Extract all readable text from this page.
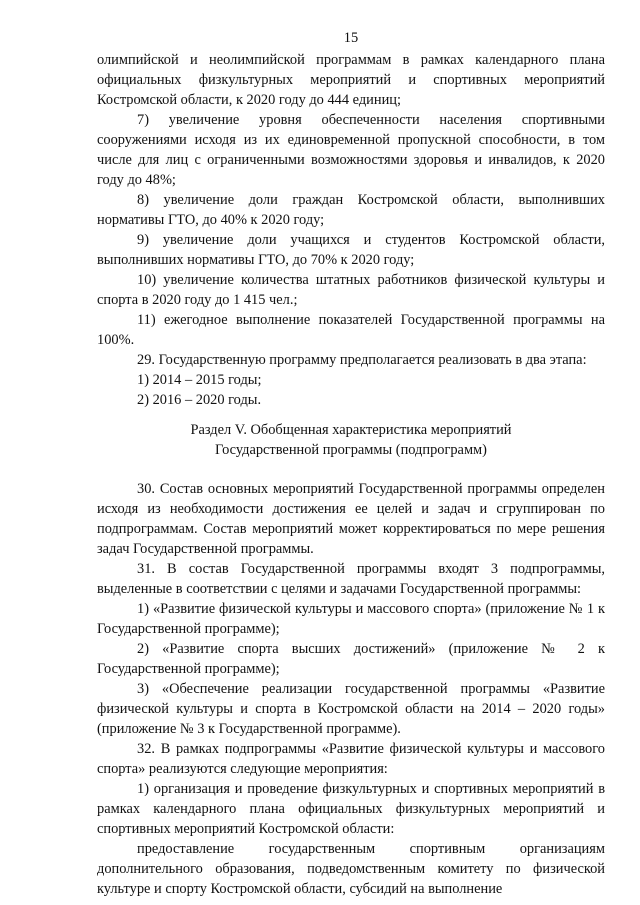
15

олимпийской и неолимпийской программам в рамках календарного плана официальных физкультурных мероприятий и спортивных мероприятий Костромской области, к 2020 году до 444 единиц;

7) увеличение уровня обеспеченности населения спортивными сооружениями исходя из их единовременной пропускной способности, в том числе для лиц с ограниченными возможностями здоровья и инвалидов, к 2020 году до 48%;

8) увеличение доли граждан Костромской области, выполнивших нормативы ГТО, до 40% к 2020 году;

9) увеличение доли учащихся и студентов Костромской области, выполнивших нормативы ГТО, до 70% к 2020 году;

10) увеличение количества штатных работников физической культуры и спорта в 2020 году до 1 415 чел.;

11) ежегодное выполнение показателей Государственной программы на 100%.

29. Государственную программу предполагается реализовать в два этапа:

1) 2014 – 2015 годы;

2) 2016 – 2020 годы.

Раздел V. Обобщенная характеристика мероприятий
Государственной программы (подпрограмм)

30. Состав основных мероприятий Государственной программы определен исходя из необходимости достижения ее целей и задач и сгруппирован по подпрограммам. Состав мероприятий может корректироваться по мере решения задач Государственной программы.

31. В состав Государственной программы входят 3 подпрограммы, выделенные в соответствии с целями и задачами Государственной программы:

1) «Развитие физической культуры и массового спорта» (приложение № 1 к Государственной программе);

2) «Развитие спорта высших достижений» (приложение № 2 к Государственной программе);

3) «Обеспечение реализации государственной программы «Развитие физической культуры и спорта в Костромской области на 2014 – 2020 годы» (приложение № 3 к Государственной программе).

32. В рамках подпрограммы «Развитие физической культуры и массового спорта» реализуются следующие мероприятия:

1) организация и проведение физкультурных и спортивных мероприятий в рамках календарного плана официальных физкультурных мероприятий и спортивных мероприятий Костромской области:

предоставление государственным спортивным организациям дополнительного образования, подведомственным комитету по физической культуре и спорту Костромской области, субсидий на выполнение
